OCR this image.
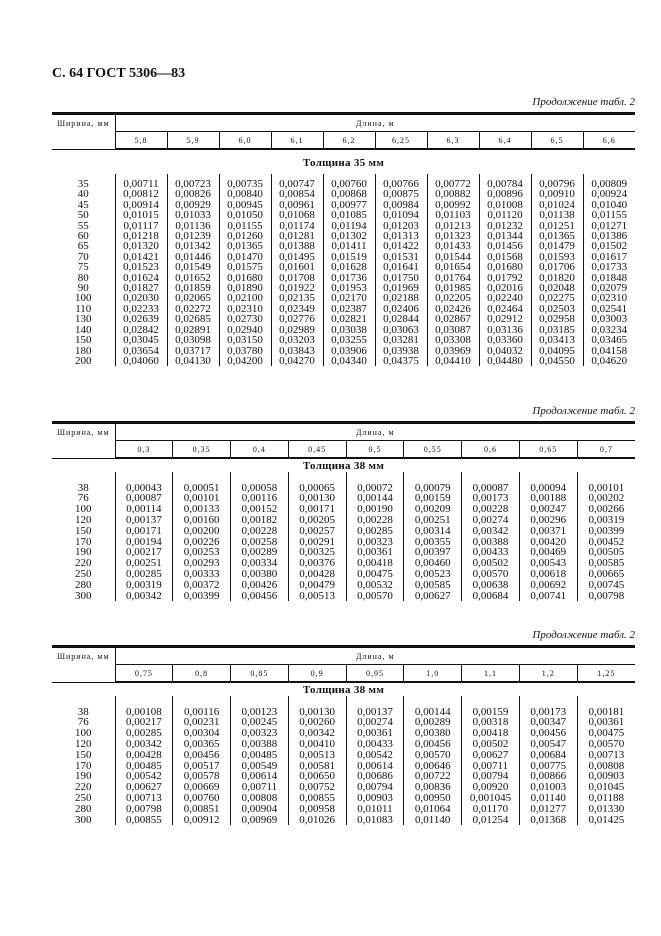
С. 64 ГОСТ 5306—83
Продолжение табл. 2
Ширина, мм	Длина, м									
	5,8	5,9	6,0	6,1	6,2	6,25	6,3	6,4	6,5	6,6
Толщина 35 мм										

35	0,00711	0,00723	0,00735	0,00747	0,00760	0,00766	0,00772	0,00784	0,00796	0,00809
40	0,00812	0,00826	0,00840	0,00854	0,00868	0,00875	0,00882	0,00896	0,00910	0,00924
45	0,00914	0,00929	0,00945	0,00961	0,00977	0,00984	0,00992	0,01008	0,01024	0,01040
50	0,01015	0,01033	0,01050	0,01068	0,01085	0,01094	0,01103	0,01120	0,01138	0,01155
55	0,01117	0,01136	0,01155	0,01174	0,01194	0,01203	0,01213	0,01232	0,01251	0,01271
60	0,01218	0,01239	0,01260	0,01281	0,01302	0,01313	0,01323	0,01344	0,01365	0,01386
65	0,01320	0,01342	0,01365	0,01388	0,01411	0,01422	0,01433	0,01456	0,01479	0,01502
70	0,01421	0,01446	0,01470	0,01495	0,01519	0,01531	0,01544	0,01568	0,01593	0,01617
75	0,01523	0,01549	0,01575	0,01601	0,01628	0,01641	0,01654	0,01680	0,01706	0,01733
80	0,01624	0,01652	0,01680	0,01708	0,01736	0,01750	0,01764	0,01792	0,01820	0,01848
90	0,01827	0,01859	0,01890	0,01922	0,01953	0,01969	0,01985	0,02016	0,02048	0,02079
100	0,02030	0,02065	0,02100	0,02135	0,02170	0,02188	0,02205	0,02240	0,02275	0,02310
110	0,02233	0,02272	0,02310	0,02349	0,02387	0,02406	0,02426	0,02464	0,02503	0,02541
130	0,02639	0,02685	0,02730	0,02776	0,02821	0,02844	0,02867	0,02912	0,02958	0,03003
140	0,02842	0,02891	0,02940	0,02989	0,03038	0,03063	0,03087	0,03136	0,03185	0,03234
150	0,03045	0,03098	0,03150	0,03203	0,03255	0,03281	0,03308	0,03360	0,03413	0,03465
180	0,03654	0,03717	0,03780	0,03843	0,03906	0,03938	0,03969	0,04032	0,04095	0,04158
200	0,04060	0,04130	0,04200	0,04270	0,04340	0,04375	0,04410	0,04480	0,04550	0,04620
Продолжение табл. 2
Ширина, мм	Длина, м								
	0,3	0,35	0,4	0,45	0,5	0,55	0,6	0,65	0,7
Толщина 38 мм									

38	0,00043	0,00051	0,00058	0,00065	0,00072	0,00079	0,00087	0,00094	0,00101
76	0,00087	0,00101	0,00116	0,00130	0,00144	0,00159	0,00173	0,00188	0,00202
100	0,00114	0,00133	0,00152	0,00171	0,00190	0,00209	0,00228	0,00247	0,00266
120	0,00137	0,00160	0,00182	0,00205	0,00228	0,00251	0,00274	0,00296	0,00319
150	0,00171	0,00200	0,00228	0,00257	0,00285	0,00314	0,00342	0,00371	0,00399
170	0,00194	0,00226	0,00258	0,00291	0,00323	0,00355	0,00388	0,00420	0,00452
190	0,00217	0,00253	0,00289	0,00325	0,00361	0,00397	0,00433	0,00469	0,00505
220	0,00251	0,00293	0,00334	0,00376	0,00418	0,00460	0,00502	0,00543	0,00585
250	0,00285	0,00333	0,00380	0,00428	0,00475	0,00523	0,00570	0,00618	0,00665
280	0,00319	0,00372	0,00426	0,00479	0,00532	0,00585	0,00638	0,00692	0,00745
300	0,00342	0,00399	0,00456	0,00513	0,00570	0,00627	0,00684	0,00741	0,00798
Продолжение табл. 2
Ширина, мм	Длина, м								
	0,75	0,8	0,85	0,9	0,95	1,0	1,1	1,2	1,25
Толщина 38 мм									

38	0,00108	0,00116	0,00123	0,00130	0,00137	0,00144	0,00159	0,00173	0,00181
76	0,00217	0,00231	0,00245	0,00260	0,00274	0,00289	0,00318	0,00347	0,00361
100	0,00285	0,00304	0,00323	0,00342	0,00361	0,00380	0,00418	0,00456	0,00475
120	0,00342	0,00365	0,00388	0,00410	0,00433	0,00456	0,00502	0,00547	0,00570
150	0,00428	0,00456	0,00485	0,00513	0,00542	0,00570	0,00627	0,00684	0,00713
170	0,00485	0,00517	0,00549	0,00581	0,00614	0,00646	0,00711	0,00775	0,00808
190	0,00542	0,00578	0,00614	0,00650	0,00686	0,00722	0,00794	0,00866	0,00903
220	0,00627	0,00669	0,00711	0,00752	0,00794	0,00836	0,00920	0,01003	0,01045
250	0,00713	0,00760	0,00808	0,00855	0,00903	0,00950	0,001045	0,01140	0,01188
280	0,00798	0,00851	0,00904	0,00958	0,01011	0,01064	0,01170	0,01277	0,01330
300	0,00855	0,00912	0,00969	0,01026	0,01083	0,01140	0,01254	0,01368	0,01425
